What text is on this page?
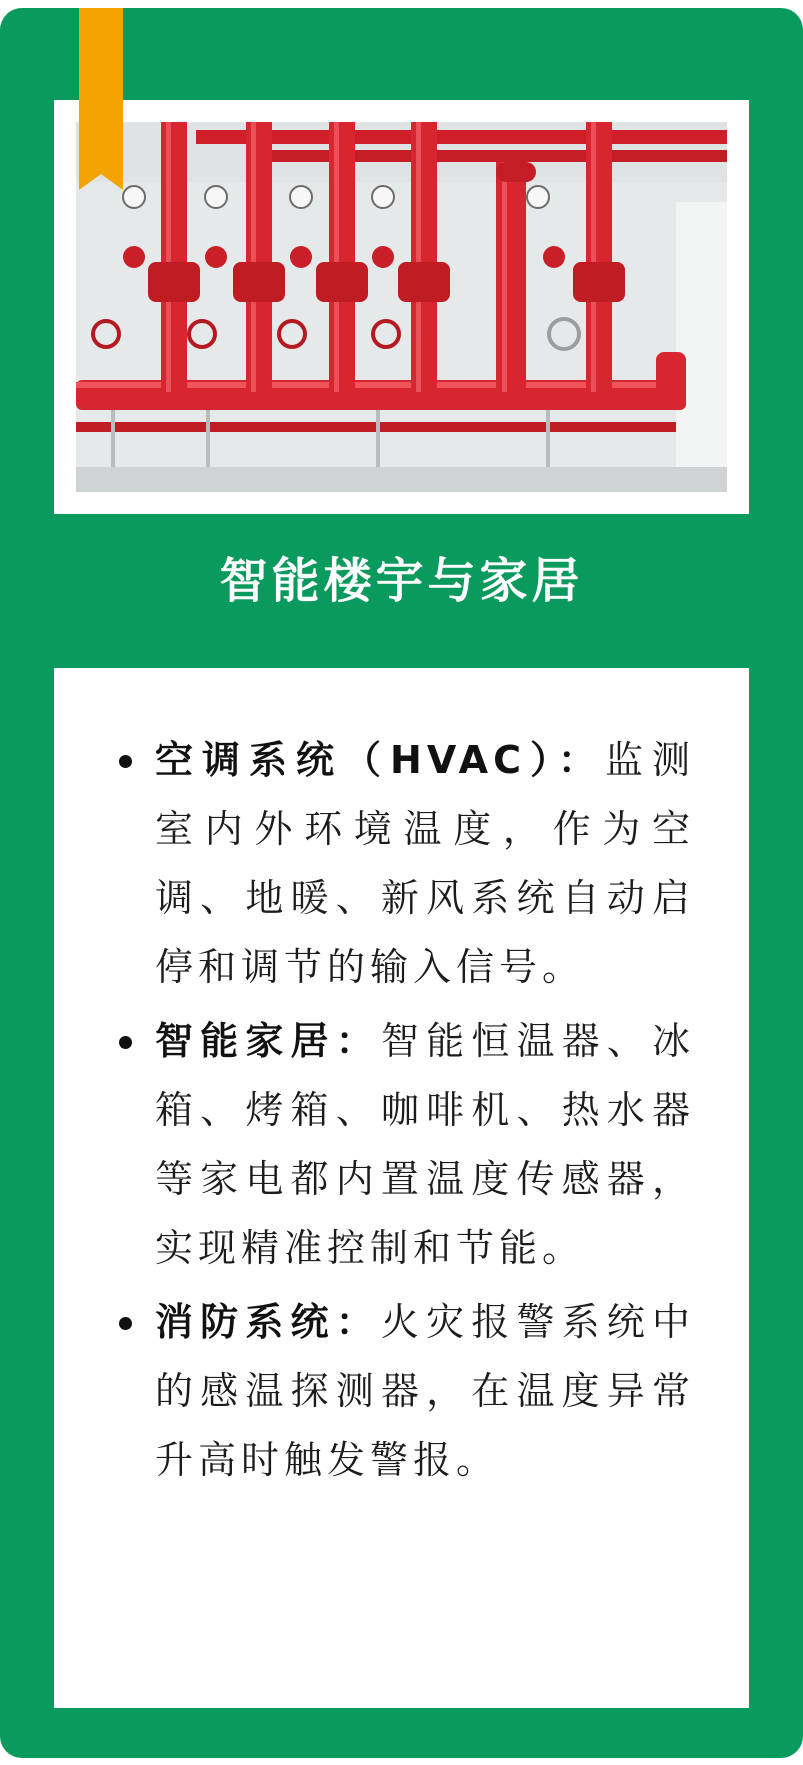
智能楼宇与家居
空调系统（HVAC）：监测室内外环境温度，作为空调、地暖、新风系统自动启停和调节的输入信号。
智能家居：智能恒温器、冰箱、烤箱、咖啡机、热水器等家电都内置温度传感器，实现精准控制和节能。
消防系统：火灾报警系统中的感温探测器，在温度异常升高时触发警报。
